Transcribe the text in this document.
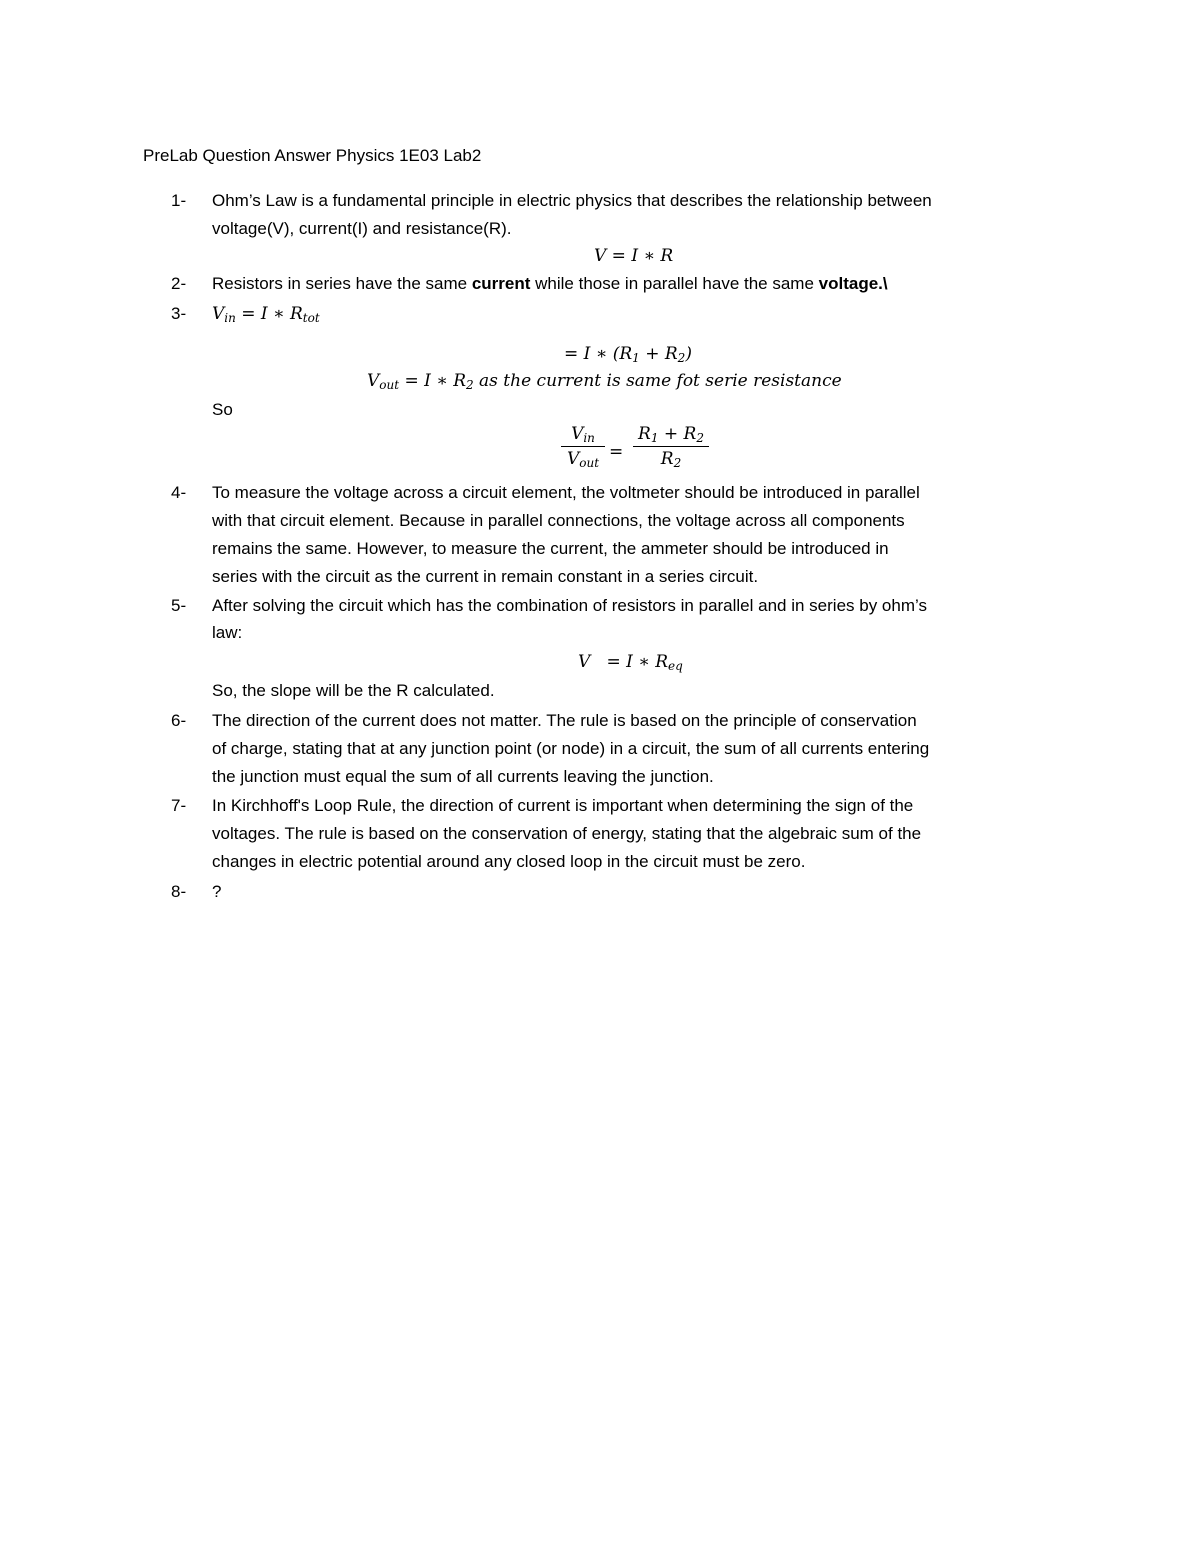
PreLab Question Answer Physics 1E03 Lab2
1- Ohm’s Law is a fundamental principle in electric physics that describes the relationship between
voltage(V), current(I) and resistance(R).
V = I ∗ R
2- Resistors in series have the same current while those in parallel have the same voltage.\
3- $V_{in} = I$ ∗ $R_{tot}$
= I ∗ $(R_1 + R_2)$
$V_{out} = I$ ∗ $R_2$ as the current is same fot serie resistance
So
$V_{in}$
$V_{out}$
=
$R_1 + R_2$
$R_2$
4- To measure the voltage across a circuit element, the voltmeter should be introduced in parallel
with that circuit element. Because in parallel connections, the voltage across all components
remains the same. However, to measure the current, the ammeter should be introduced in
series with the circuit as the current in remain constant in a series circuit.
5- After solving the circuit which has the combination of resistors in parallel and in series by ohm’s
law:
V   = I ∗ $R_{eq}$
So, the slope will be the R calculated.
6- The direction of the current does not matter. The rule is based on the principle of conservation
of charge, stating that at any junction point (or node) in a circuit, the sum of all currents entering
the junction must equal the sum of all currents leaving the junction.
7- In Kirchhoff's Loop Rule, the direction of current is important when determining the sign of the
voltages. The rule is based on the conservation of energy, stating that the algebraic sum of the
changes in electric potential around any closed loop in the circuit must be zero.
8- ?
